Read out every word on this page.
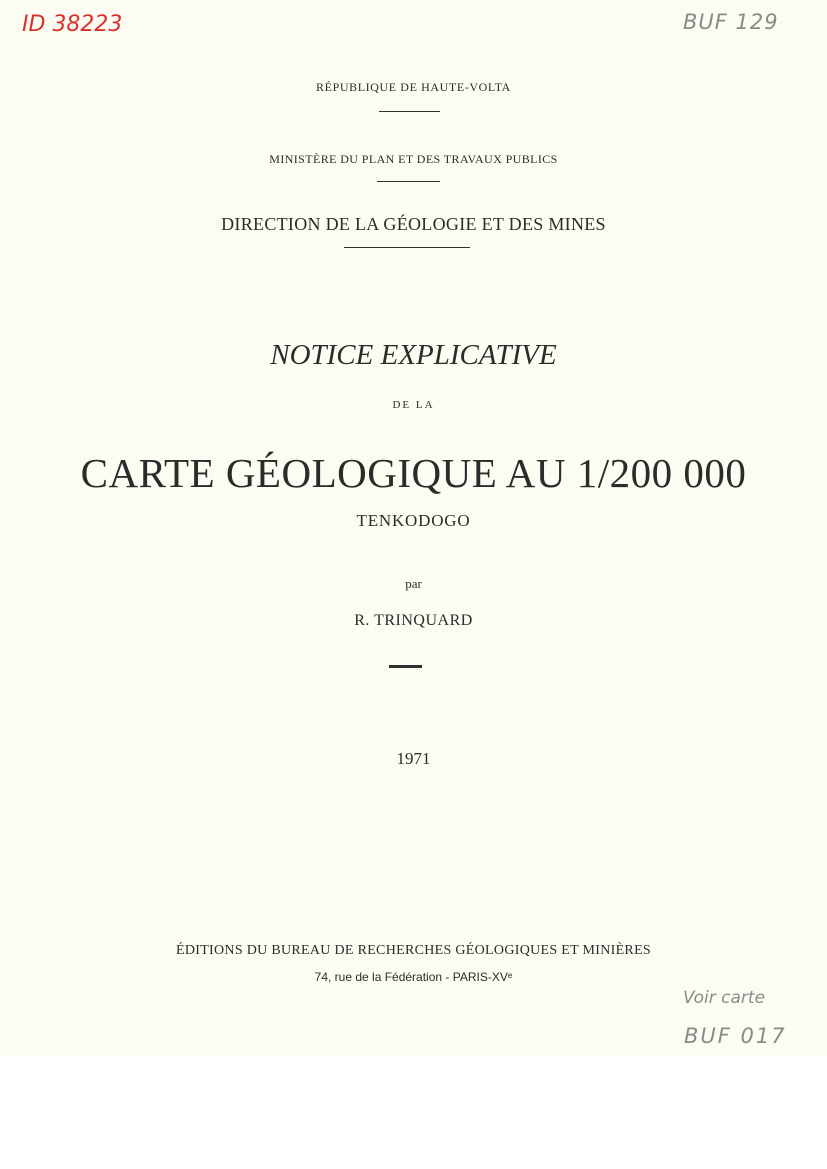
ID 38223	BUF 129
RÉPUBLIQUE DE HAUTE-VOLTA
MINISTÈRE DU PLAN ET DES TRAVAUX PUBLICS
DIRECTION DE LA GÉOLOGIE ET DES MINES
NOTICE EXPLICATIVE
DE LA
CARTE GÉOLOGIQUE AU 1/200 000
TENKODOGO
par
R. TRINQUARD
1971
ÉDITIONS DU BUREAU DE RECHERCHES GÉOLOGIQUES ET MINIÈRES
74, rue de la Fédération - PARIS-XVᵉ
Voir carte
BUF 017
